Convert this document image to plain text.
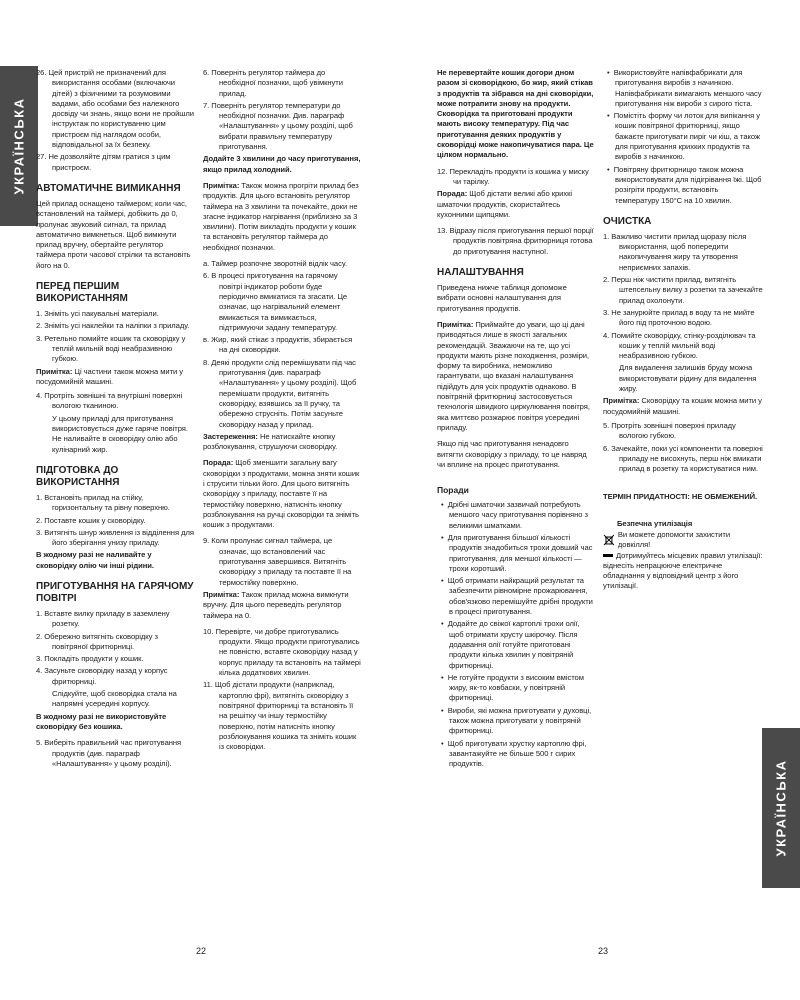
УКРАЇНСЬКА
УКРАЇНСЬКА

26. Цей пристрій не призначений для використання особами (включаючи дітей) з фізичними та розумовими вадами, або особами без належного досвіду чи знань, якщо вони не пройшли інструктаж по користуванню цим пристроєм під наглядом особи, відповідальної за їх безпеку.

27. Не дозволяйте дітям гратися з цим пристроєм.

АВТОМАТИЧНЕ ВИМИКАННЯ

Цей прилад оснащено таймером; коли час, встановлений на таймері, добіжить до 0, пролунає звуковий сигнал, та прилад автоматично вимкнеться. Щоб вимкнути прилад вручну, обертайте регулятор таймера проти часової стрілки та встановіть його на 0.

ПЕРЕД ПЕРШИМ ВИКОРИСТАННЯМ

1. Зніміть усі пакувальні матеріали.

2. Зніміть усі наклейки та наліпки з приладу.

3. Ретельно помийте кошик та сковорідку у теплій мильній воді неабразивною губкою.

Примітка: Ці частини також можна мити у посудомийній машині.

4. Протріть зовнішні та внутрішні поверхні вологою тканиною.

У цьому приладі для приготування використовується дуже гаряче повітря. Не наливайте в сковорідку олію або кулінарний жир.

ПІДГОТОВКА ДО ВИКОРИСТАННЯ

1. Встановіть прилад на стійку, горизонтальну та рівну поверхню.

2. Поставте кошик у сковорідку.

3. Витягніть шнур живлення із відділення для його зберігання унизу приладу.

В жодному разі не наливайте у сковорідку олію чи інші рідини.

ПРИГОТУВАННЯ НА ГАРЯЧОМУ ПОВІТРІ

1. Вставте вилку приладу в заземлену розетку.

2. Обережно витягніть сковорідку з повітряної фритюрниці.

3. Покладіть продукти у кошик.

4. Засуньте сковорідку назад у корпус фритюрниці.

Слідкуйте, щоб сковорідка стала на напрямні усередині корпусу.

В жодному разі не використовуйте сковорідку без кошика.

5. Виберіть правильний час приготування продуктів (див. параграф «Налаштування» у цьому розділі).

6. Поверніть регулятор таймера до необхідної позначки, щоб увімкнути прилад.

7. Поверніть регулятор температури до необхідної позначки. Див. параграф «Налаштування» у цьому розділі, щоб вибрати правильну температуру приготування.

Додайте 3 хвилини до часу приготування, якщо прилад холодний.

Примітка: Також можна прогріти прилад без продуктів. Для цього встановіть регулятор таймера на 3 хвилини та почекайте, доки не згасне індикатор нагрівання (приблизно за 3 хвилини). Потім викладіть продукти у кошик та встановіть регулятор таймера до необхідної позначки.

a. Таймер розпочне зворотній відлік часу.

6. В процесі приготування на гарячому повітрі індикатор роботи буде періодично вмикатися та згасати. Це означає, що нагрівальний елемент вмикається та вимикається, підтримуючи задану температуру.

в. Жир, який стікає з продуктів, збирається на дні сковорідки.

8. Деякі продукти слід перемішувати під час приготування (див. параграф «Налаштування» у цьому розділі). Щоб перемішати продукти, витягніть сковорідку, взявшись за її ручку, та обережно струсніть. Потім засуньте сковорідку назад у прилад.

Застереження: Не натискайте кнопку розблокування, струшуючи сковорідку.

Порада: Щоб зменшити загальну вагу сковорідки з продуктами, можна зняти кошик і струсити тільки його. Для цього витягніть сковорідку з приладу, поставте її на термостійку поверхню, натисніть кнопку розблокування на ручці сковорідки та зніміть кошик з продуктами.

9. Коли пролунає сигнал таймера, це означає, що встановлений час приготування завершився. Витягніть сковорідку з приладу та поставте її на термостійку поверхню.

Примітка: Також прилад можна вимкнути вручну. Для цього переведіть регулятор таймера на 0.

10. Перевірте, чи добре приготувались продукти. Якщо продукти приготувались не повністю, вставте сковорідку назад у корпус приладу та встановіть на таймері кілька додаткових хвилин.

11. Щоб дістати продукти (наприклад, картоплю фрі), витягніть сковорідку з повітряної фритюрниці та встановіть її на решітку чи іншу термостійку поверхню, потім натисніть кнопку розблокування кошика та зніміть кошик із сковорідки.

Не перевертайте кошик догори дном разом зі сковорідкою, бо жир, який стікав з продуктів та зібрався на дні сковорідки, може потрапити знову на продукти. Сковорідка та приготовані продукти мають високу температуру. Під час приготування деяких продуктів у сковорідці може накопичуватися пара. Це цілком нормально.

12. Перекладіть продукти із кошика у миску чи тарілку.

Порада: Щоб дістати великі або крихкі шматочки продуктів, скористайтесь кухонними щипцями.

13. Відразу після приготування першої порції продуктів повітряна фритюрниця готова до приготування наступної.

НАЛАШТУВАННЯ

Приведена нижче таблиця допоможе вибрати основні налаштування для приготування продуктів.

Примітка: Приймайте до уваги, що ці дані приводяться лише в якості загальних рекомендацій. Зважаючи на те, що усі продукти мають різне походження, розміри, форму та виробника, неможливо гарантувати, що вказані налаштування підійдуть для усіх продуктів однаково. В повітряній фритюрниці застосовується технологія швидкого циркулювання повітря, яка миттєво розжарює повітря усередині приладу.

Якщо під час приготування ненадовго витягти сковорідку з приладу, то це навряд чи вплине на процес приготування.

Поради

•  Дрібні шматочки зазвичай потребують меншого часу приготування порівняно з великими шматками.

•  Для приготування більшої кількості продуктів знадобиться трохи довший час приготування, для меншої кількості — трохи коротший.

•  Щоб отримати найкращий результат та забезпечити рівномірне прожарювання, обов'язково перемішуйте дрібні продукти в процесі приготування.

•  Додайте до свіжої картоплі трохи олії, щоб отримати хрусту шкірочку. Після додавання олії готуйте приготовані продукти кілька хвилин у повітряній фритюрниці.

•  Не готуйте продукти з високим вмістом жиру, як-то ковбаски, у повітряній фритюрниці.

•  Вироби, які можна приготувати у духовці, також можна приготувати у повітряній фритюрниці.

•  Щоб приготувати хрустку картоплю фрі, завантажуйте не більше 500 г сирих продуктів.

•  Використовуйте напівфабрикати для приготування виробів з начинкою. Напівфабрикати вимагають меншого часу приготування ніж вироби з сирого тіста.

•  Помістіть форму чи лоток для випікання у кошик повітряної фритюрниці, якщо бажаєте приготувати пиріг чи кіш, а також для приготування крихких продуктів та виробів з начинкою.

•  Повітряну фритюрницю також можна використовувати для підігрівання їжі. Щоб розігріти продукти, встановіть температуру 150°С на 10 хвилин.

ОЧИСТКА

1. Важливо чистити прилад щоразу після використання, щоб попередити накопичування жиру та утворення неприємних запахів.

2. Перш ніж чистити прилад, витягніть штепсельну вилку з розетки та зачекайте прилад охолонути.

3. Не занурюйте прилад в воду та не мийте його під проточною водою.

4. Помийте сковорідку, стінку-розділювач та кошик у теплій мильній воді неабразивною губкою.

Для видалення залишків бруду можна використовувати рідину для видалення жиру.

Примітка: Сковорідку та кошик можна мити у посудомийній машині.

5. Протріть зовнішні поверхні приладу вологою губкою.

6. Зачекайте, поки усі компоненти та поверхні приладу не висохнуть, перш ніж вмикати прилад в розетку та користуватися ним.

ТЕРМІН ПРИДАТНОСТІ: НЕ ОБМЕЖЕНИЙ.

Безпечна утилізація

Ви можете допомогти захистити довкілля!
Дотримуйтесь місцевих правил утилізації:

віднесіть непрацююче електричне обладнання у відповідний центр з його утилізації.

22	23
